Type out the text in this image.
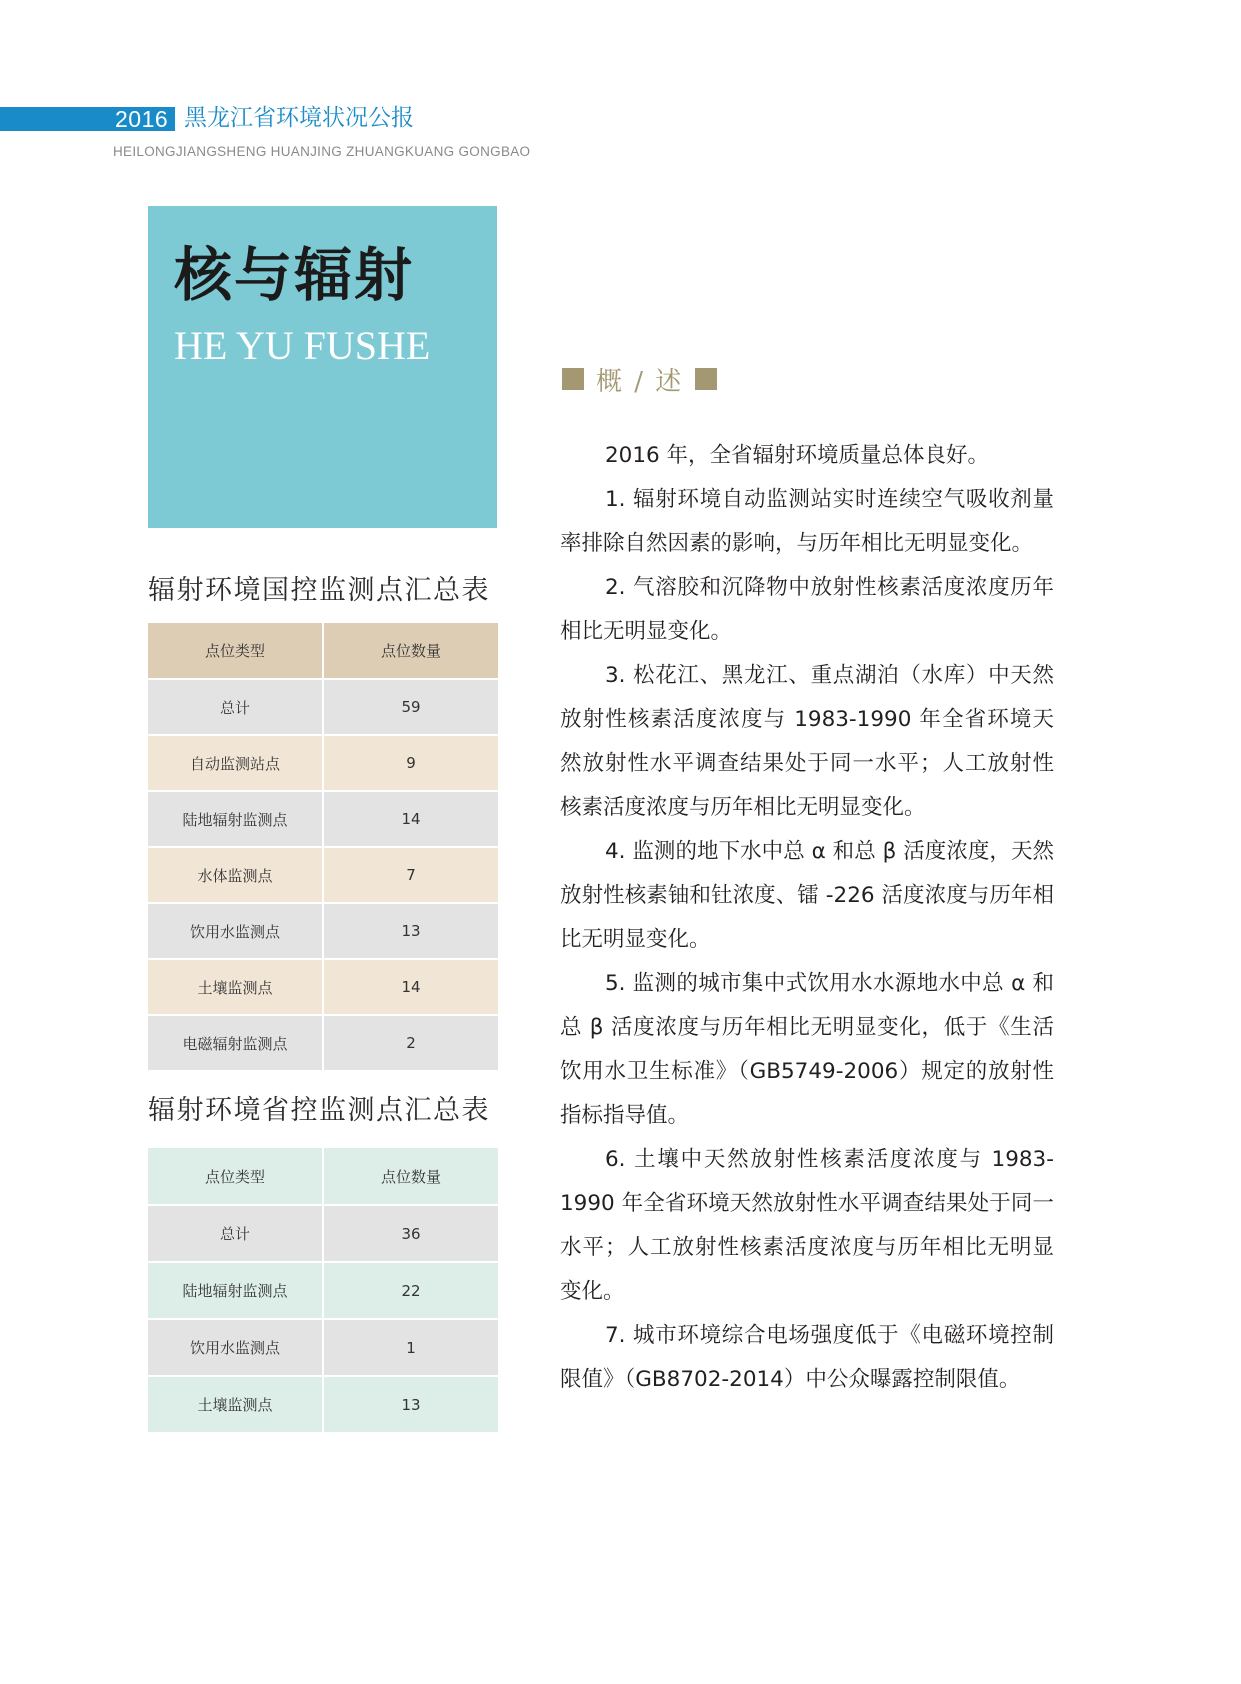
2016 黑龙江省环境状况公报
HEILONGJIANGSHENG HUANJING ZHUANGKUANG GONGBAO
核与辐射
HE YU FUSHE
辐射环境国控监测点汇总表
点位类型	点位数量
总计	59
自动监测站点	9
陆地辐射监测点	14
水体监测点	7
饮用水监测点	13
土壤监测点	14
电磁辐射监测点	2
辐射环境省控监测点汇总表
点位类型	点位数量
总计	36
陆地辐射监测点	22
饮用水监测点	1
土壤监测点	13
概 / 述

2016 年，全省辐射环境质量总体良好。

1. 辐射环境自动监测站实时连续空气吸收剂量率排除自然因素的影响，与历年相比无明显变化。

2. 气溶胶和沉降物中放射性核素活度浓度历年相比无明显变化。

3. 松花江、黑龙江、重点湖泊（水库）中天然放射性核素活度浓度与 1983-1990 年全省环境天然放射性水平调查结果处于同一水平；人工放射性核素活度浓度与历年相比无明显变化。

4. 监测的地下水中总 α 和总 β 活度浓度，天然放射性核素铀和钍浓度、镭 -226 活度浓度与历年相比无明显变化。

5. 监测的城市集中式饮用水水源地水中总 α 和总 β 活度浓度与历年相比无明显变化，低于《生活饮用水卫生标准》（GB5749-2006）规定的放射性指标指导值。

6. 土壤中天然放射性核素活度浓度与 1983-1990 年全省环境天然放射性水平调查结果处于同一水平；人工放射性核素活度浓度与历年相比无明显变化。

7. 城市环境综合电场强度低于《电磁环境控制限值》（GB8702-2014）中公众曝露控制限值。
